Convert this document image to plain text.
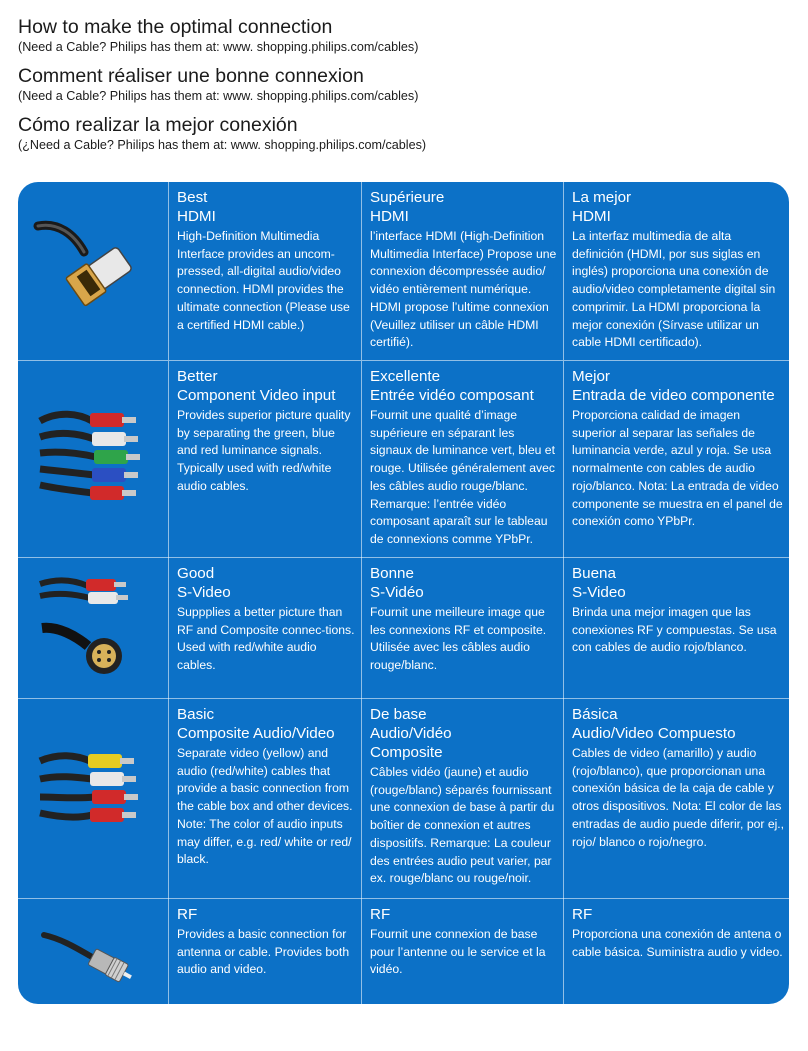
How to make the optimal connection

(Need a Cable? Philips has them at: www. shopping.philips.com/cables)

Comment réaliser une bonne connexion

(Need a Cable? Philips has them at: www. shopping.philips.com/cables)

Cómo realizar la mejor conexión

(¿Need a Cable? Philips has them at: www. shopping.philips.com/cables)

Best
HDMI
High-Definition Multimedia Interface provides an uncom-pressed, all-digital audio/video connection. HDMI provides the ultimate connection (Please use a certified HDMI cable.)
Supérieure
HDMI
l’interface HDMI (High-Definition Multimedia Interface) Propose une connexion décompressée audio/ vidéo entièrement numérique. HDMI propose l’ultime connexion (Veuillez utiliser un câble HDMI certifié).
La mejor
HDMI
La interfaz multimedia de alta definición (HDMI, por sus siglas en inglés) proporciona una conexión de audio/video completamente digital sin comprimir. La HDMI proporciona la mejor conexión (Sírvase utilizar un cable HDMI certificado).
Better
Component Video input
Provides superior picture quality by separating the green, blue and red luminance signals. Typically used with red/white audio cables.
Excellente
Entrée vidéo composant
Fournit une qualité d’image supérieure en séparant les signaux de luminance vert, bleu et rouge. Utilisée généralement avec les câbles audio rouge/blanc. Remarque: l’entrée vidéo composant aparaît sur le tableau de connexions comme YPbPr.
Mejor
Entrada de video componente
Proporciona calidad de imagen superior al separar las señales de luminancia verde, azul y roja. Se usa normalmente con cables de audio rojo/blanco. Nota: La entrada de video componente se muestra en el panel de conexión como YPbPr.
Good
S-Video
Suppplies a better picture than RF and Composite connec-tions. Used with red/white audio cables.
Bonne
S-Vidéo
Fournit une meilleure image que les connexions RF et composite. Utilisée avec les câbles audio rouge/blanc.
Buena
S-Video
Brinda una mejor imagen que las conexiones RF y compuestas. Se usa con cables de audio rojo/blanco.
Basic
Composite Audio/Video
Separate video (yellow) and audio (red/white) cables that provide a basic connection from the cable box and other devices. Note: The color of audio inputs may differ, e.g. red/ white or red/ black.
De base
Audio/Vidéo
Composite
Câbles vidéo (jaune) et audio (rouge/blanc) séparés fournissant une connexion de base à partir du boîtier de connexion et autres dispositifs. Remarque: La couleur des entrées audio peut varier, par ex. rouge/blanc ou rouge/noir.
Básica
Audio/Video Compuesto
Cables de video (amarillo) y audio (rojo/blanco), que proporcionan una conexión básica de la caja de cable y otros dispositivos. Nota: El color de las entradas de audio puede diferir, por ej., rojo/ blanco o rojo/negro.
RF
Provides a basic connection for antenna or cable. Provides both audio and video.
RF
Fournit une connexion de base pour l’antenne ou le service et la vidéo.
RF
Proporciona una conexión de antena o cable básica. Suministra audio y video.
